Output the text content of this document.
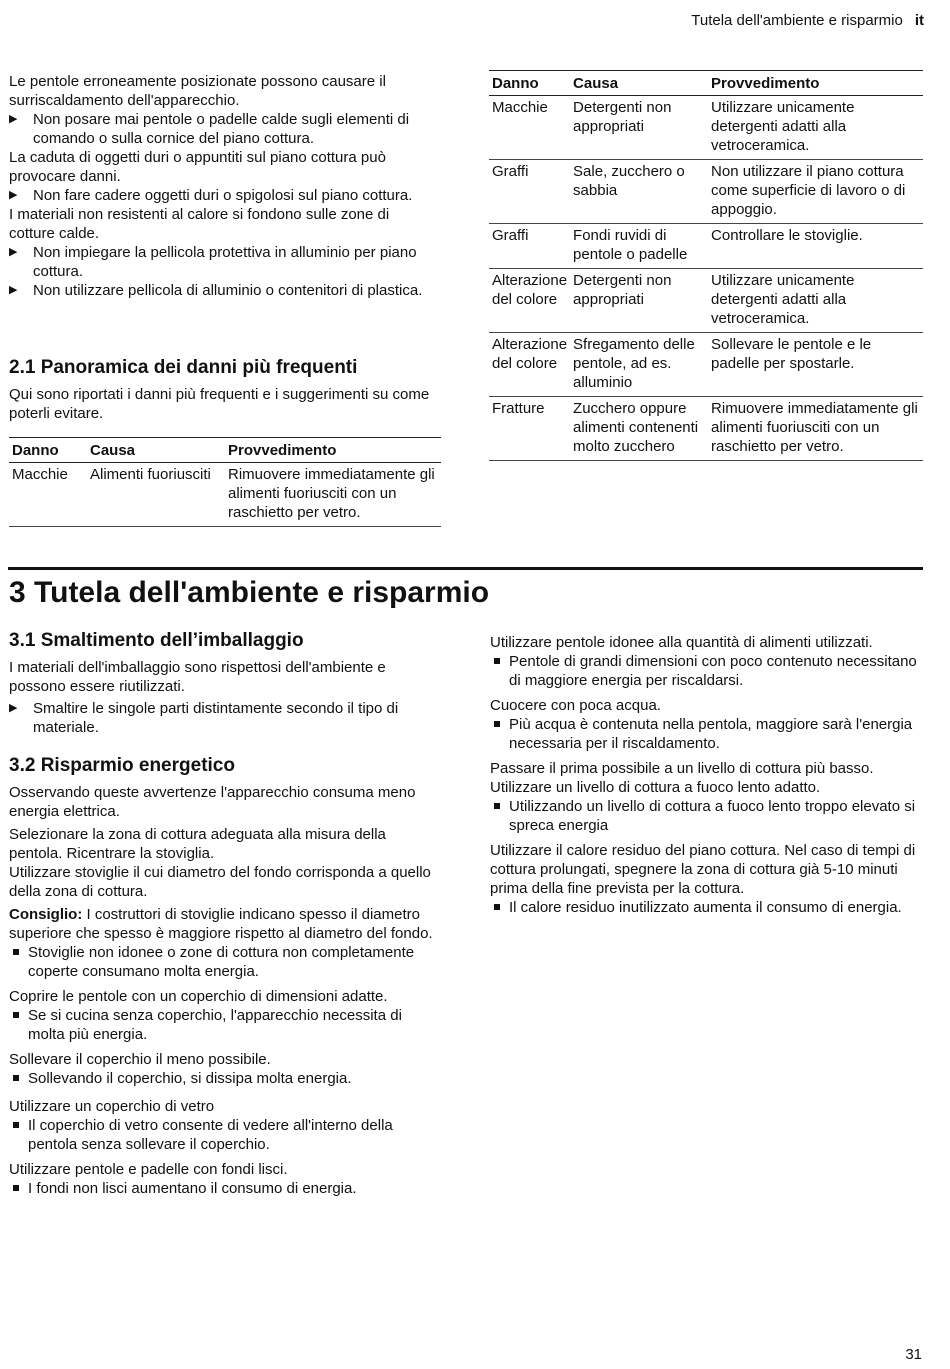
Tutela dell'ambiente e risparmio it

Le pentole erroneamente posizionate possono causare il surriscaldamento dell'apparecchio.

▶ Non posare mai pentole o padelle calde sugli elementi di comando o sulla cornice del piano cottura.

La caduta di oggetti duri o appuntiti sul piano cottura può provocare danni.

▶ Non fare cadere oggetti duri o spigolosi sul piano cottura.

I materiali non resistenti al calore si fondono sulle zone di cotture calde.

▶ Non impiegare la pellicola protettiva in alluminio per piano cottura.
▶ Non utilizzare pellicola di alluminio o contenitori di plastica.
2.1 Panoramica dei danni più frequenti

Qui sono riportati i danni più frequenti e i suggerimenti su come poterli evitare.

Danno	Causa	Provvedimento
Macchie	Alimenti fuoriusciti	Rimuovere immediatamente gli alimenti fuoriusciti con un raschietto per vetro.
Danno	Causa	Provvedimento
Macchie	Detergenti non appropriati	Utilizzare unicamente detergenti adatti alla vetroceramica.
Graffi	Sale, zucchero o sabbia	Non utilizzare il piano cottura come superficie di lavoro o di appoggio.
Graffi	Fondi ruvidi di pentole o padelle	Controllare le stoviglie.
Alterazione del colore	Detergenti non appropriati	Utilizzare unicamente detergenti adatti alla vetroceramica.
Alterazione del colore	Sfregamento delle pentole, ad es. alluminio	Sollevare le pentole e le padelle per spostarle.
Fratture	Zucchero oppure alimenti contenenti molto zucchero	Rimuovere immediatamente gli alimenti fuoriusciti con un raschietto per vetro.
3 Tutela dell'ambiente e risparmio
3.1 Smaltimento dell’imballaggio

I materiali dell'imballaggio sono rispettosi dell'ambiente e possono essere riutilizzati.

▶ Smaltire le singole parti distintamente secondo il tipo di materiale.
3.2 Risparmio energetico

Osservando queste avvertenze l'apparecchio consuma meno energia elettrica.

Selezionare la zona di cottura adeguata alla misura della pentola. Ricentrare la stoviglia.

Utilizzare stoviglie il cui diametro del fondo corrisponda a quello della zona di cottura.

Consiglio: I costruttori di stoviglie indicano spesso il diametro superiore che spesso è maggiore rispetto al diametro del fondo.

Stoviglie non idonee o zone di cottura non completamente coperte consumano molta energia.

Coprire le pentole con un coperchio di dimensioni adatte.

Se si cucina senza coperchio, l'apparecchio necessita di molta più energia.

Sollevare il coperchio il meno possibile.

Sollevando il coperchio, si dissipa molta energia.

Utilizzare un coperchio di vetro

Il coperchio di vetro consente di vedere all'interno della pentola senza sollevare il coperchio.

Utilizzare pentole e padelle con fondi lisci.

I fondi non lisci aumentano il consumo di energia.

Utilizzare pentole idonee alla quantità di alimenti utilizzati.

Pentole di grandi dimensioni con poco contenuto necessitano di maggiore energia per riscaldarsi.

Cuocere con poca acqua.

Più acqua è contenuta nella pentola, maggiore sarà l'energia necessaria per il riscaldamento.

Passare il prima possibile a un livello di cottura più basso. Utilizzare un livello di cottura a fuoco lento adatto.

Utilizzando un livello di cottura a fuoco lento troppo elevato si spreca energia

Utilizzare il calore residuo del piano cottura. Nel caso di tempi di cottura prolungati, spegnere la zona di cottura già 5-10 minuti prima della fine prevista per la cottura.

Il calore residuo inutilizzato aumenta il consumo di energia.
31
